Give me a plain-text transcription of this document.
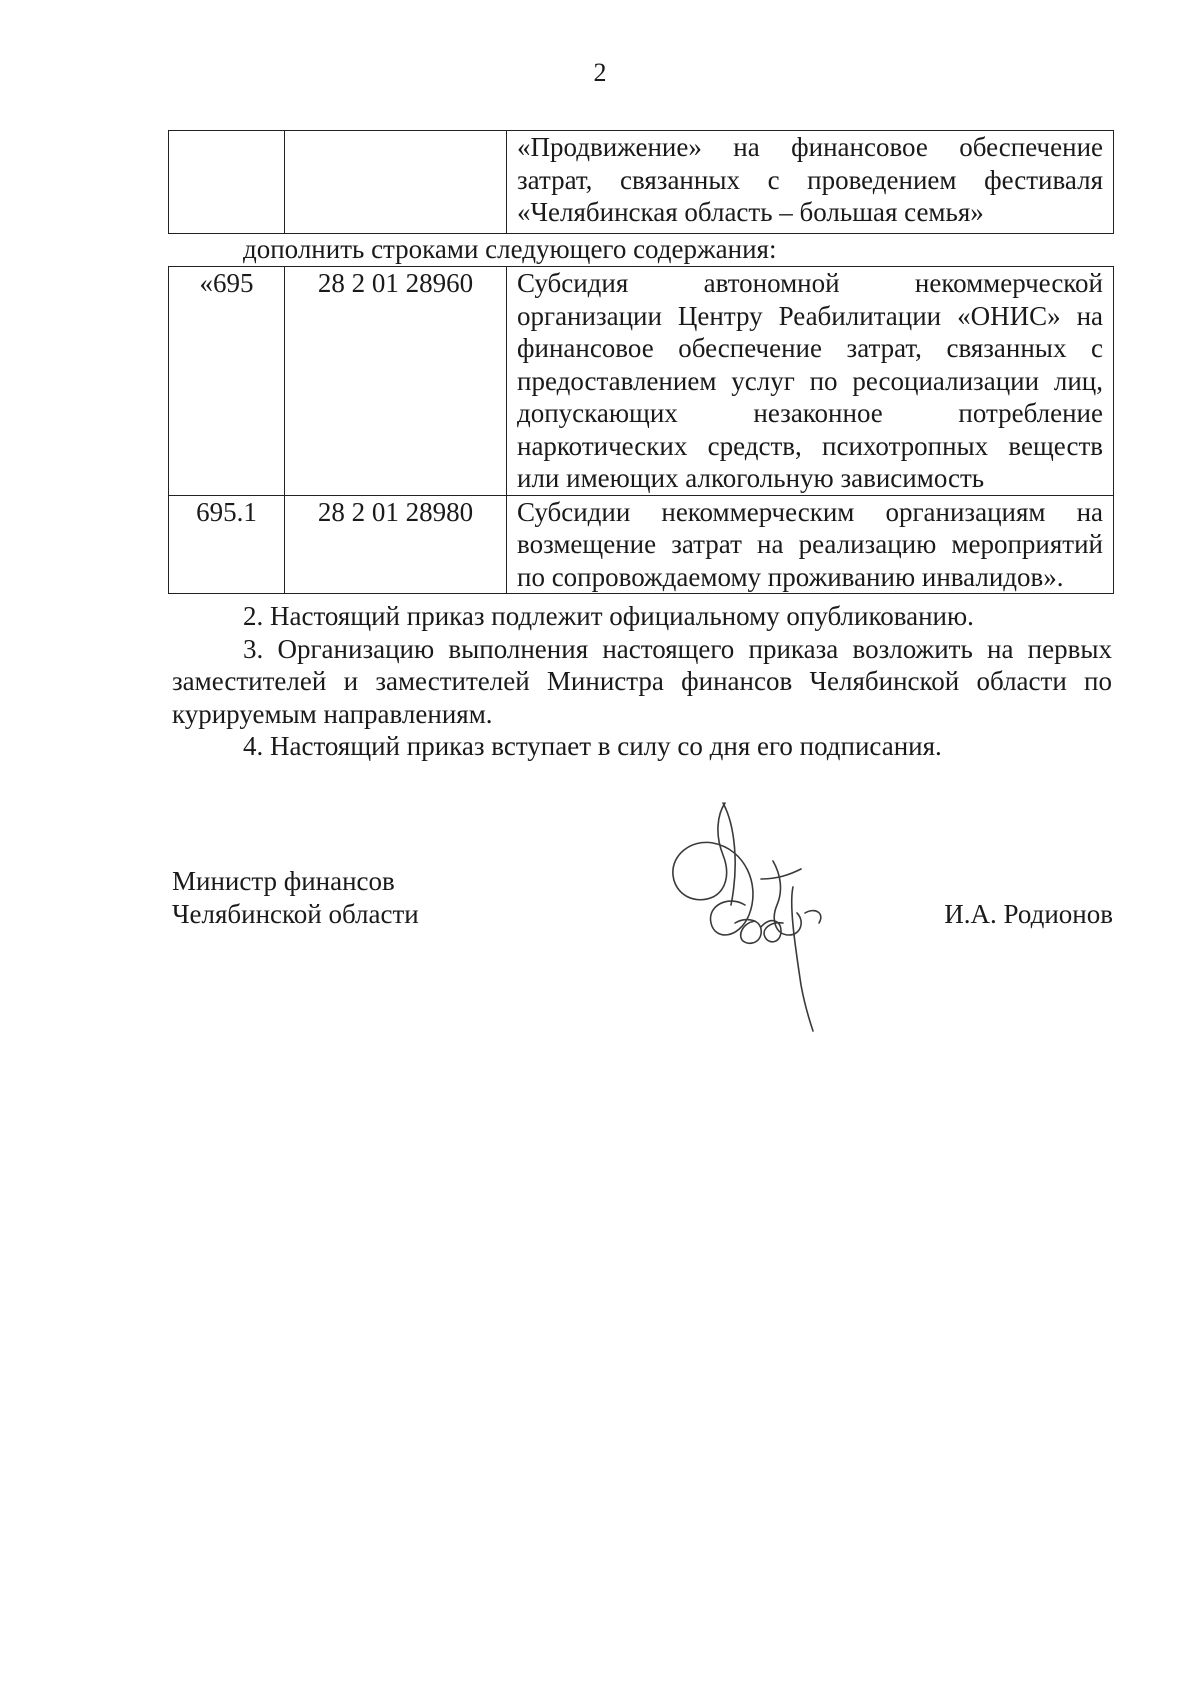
2
		«Продвижение» на финансовое обеспечение затрат, связанных с проведением фестиваля «Челябинская область – большая семья»
дополнить строками следующего содержания:
«695	28 2 01 28960	Субсидия автономной некоммерческой организации Центру Реабилитации «ОНИС» на финансовое обеспечение затрат, связанных с предоставлением услуг по ресоциализации лиц, допускающих незаконное потребление наркотических средств, психотропных веществ или имеющих алкогольную зависимость
695.1	28 2 01 28980	Субсидии некоммерческим организациям на возмещение затрат на реализацию мероприятий по сопровождаемому проживанию инвалидов».

2. Настоящий приказ подлежит официальному опубликованию.

3. Организацию выполнения настоящего приказа возложить на первых заместителей и заместителей Министра финансов Челябинской области по курируемым направлениям.

4. Настоящий приказ вступает в силу со дня его подписания.

Министр финансов
Челябинской области	И.А. Родионов
